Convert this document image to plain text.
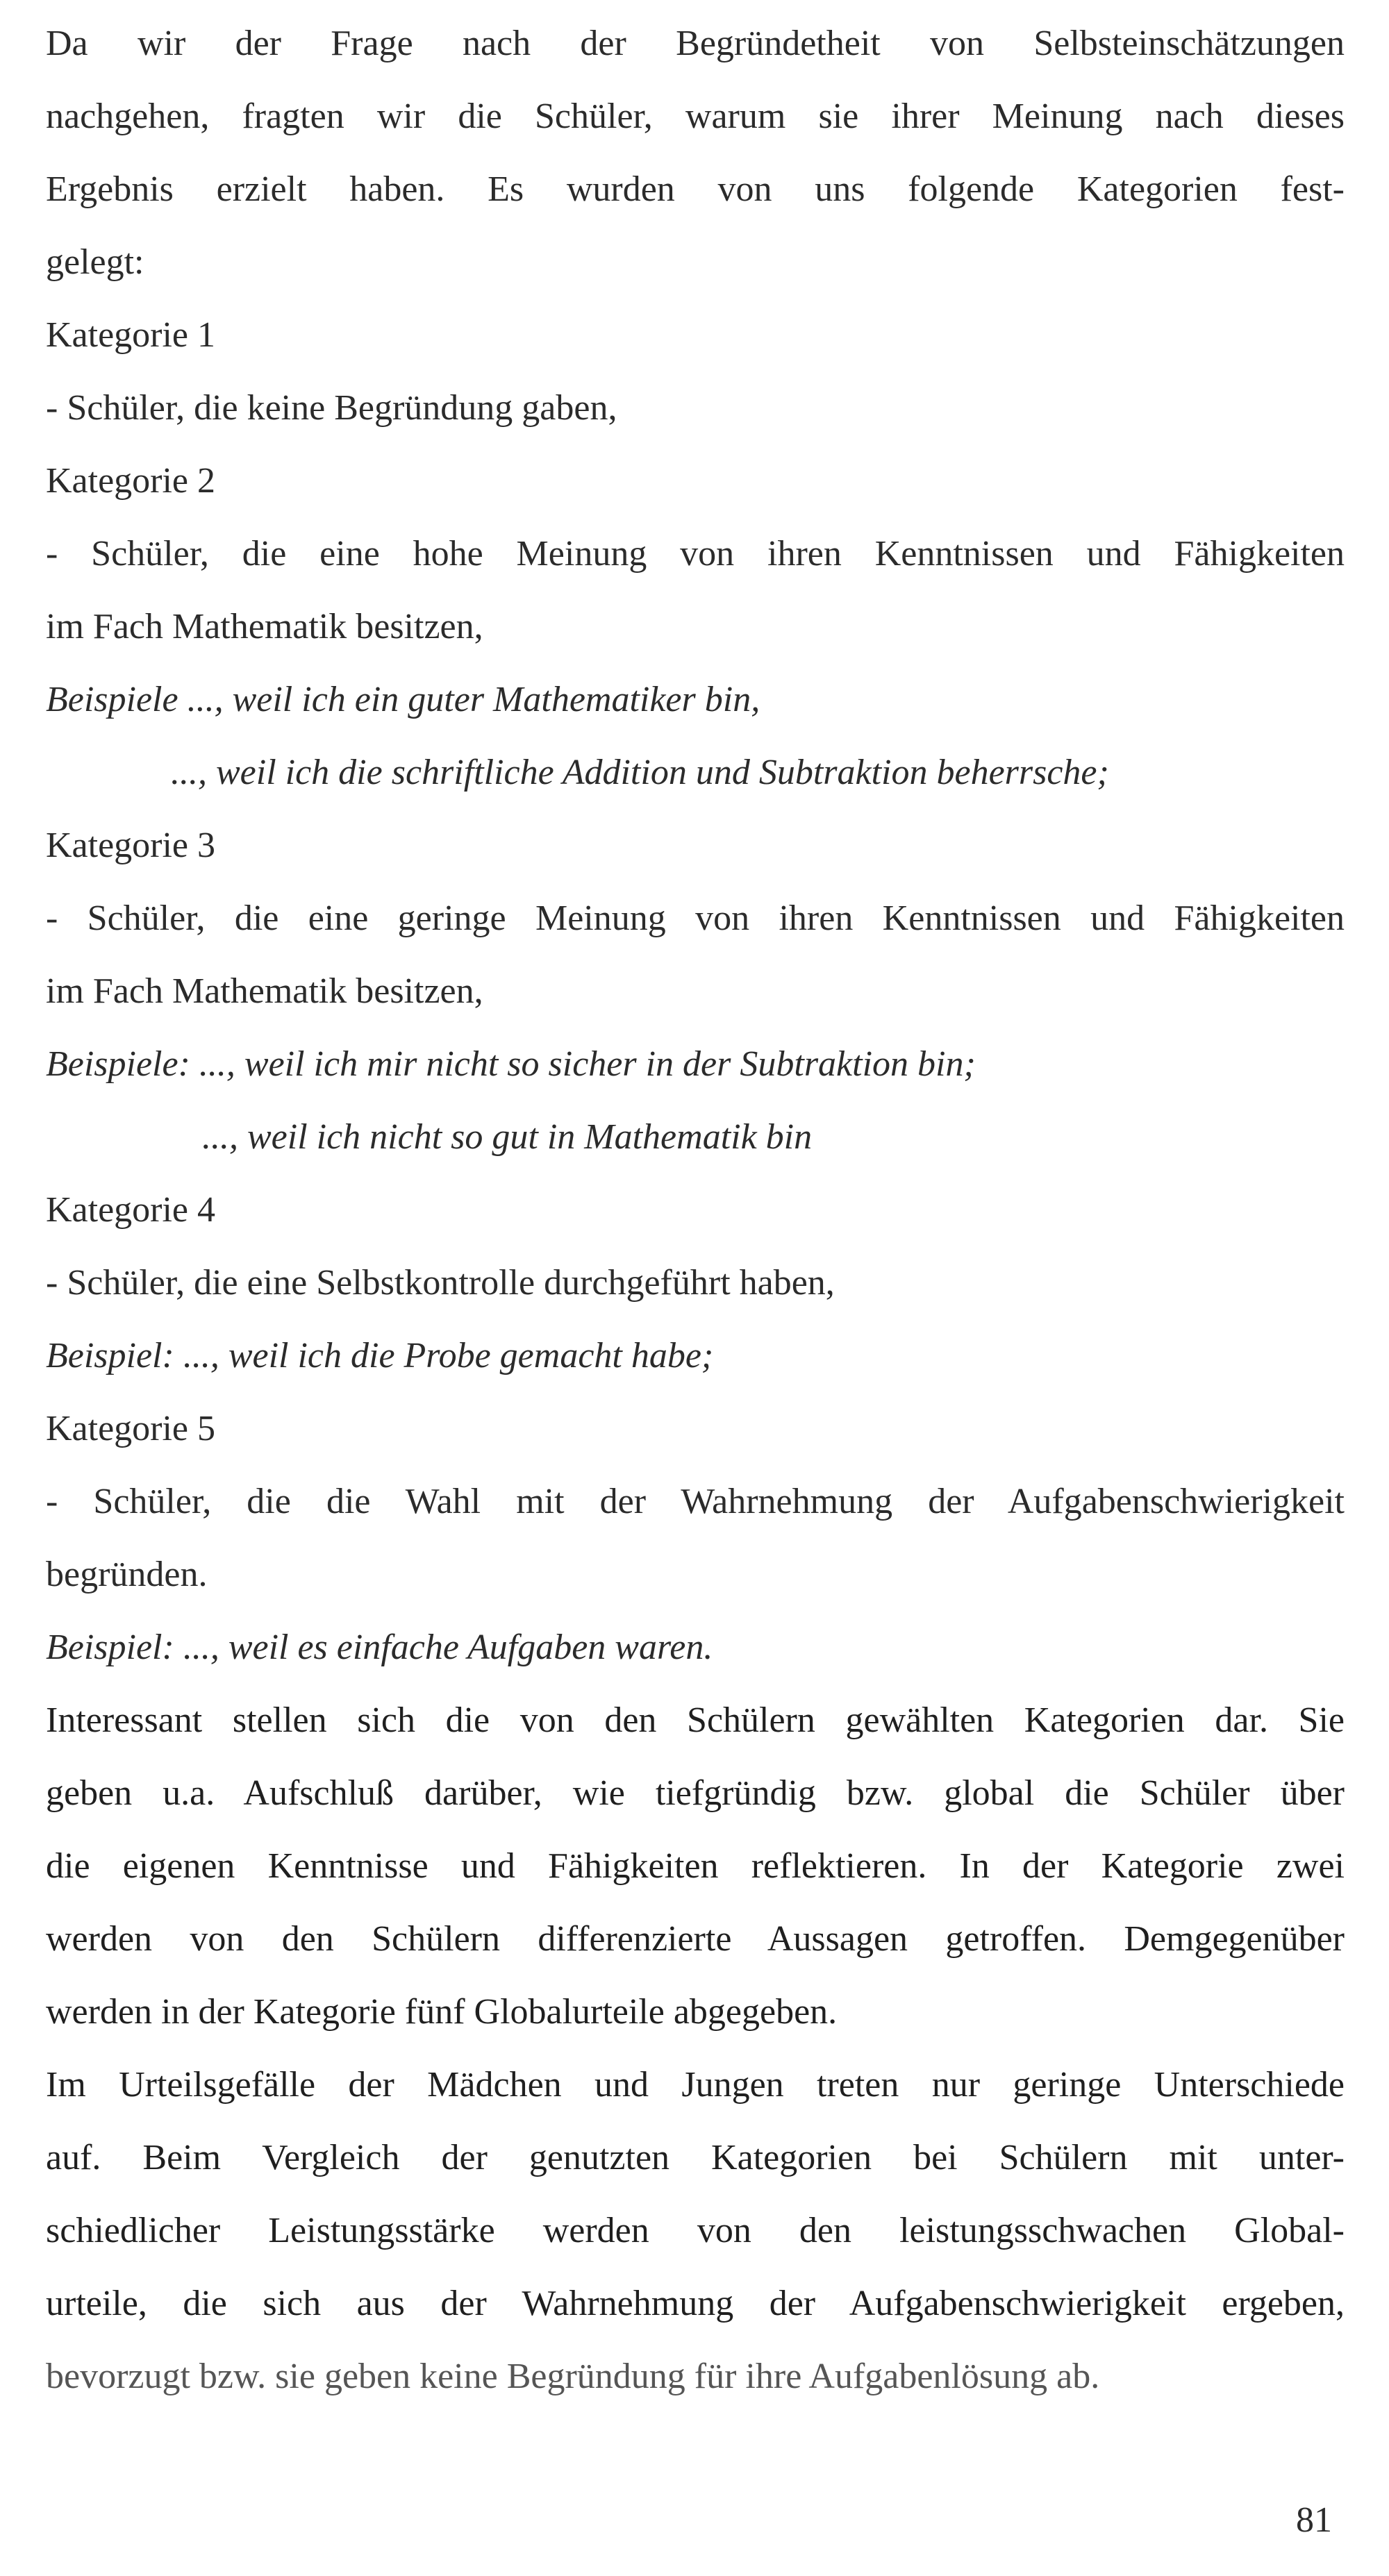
Da wir der Frage nach der Begründetheit von Selbsteinschätzungen
nachgehen, fragten wir die Schüler, warum sie ihrer Meinung nach dieses
Ergebnis erzielt haben. Es wurden von uns folgende Kategorien fest-
gelegt:

Kategorie 1

- Schüler, die keine Begründung gaben,

Kategorie 2

- Schüler, die eine hohe Meinung von ihren Kenntnissen und Fähigkeiten
im Fach Mathematik besitzen,

Beispiele ..., weil ich ein guter Mathematiker bin,

..., weil ich die schriftliche Addition und Subtraktion beherrsche;

Kategorie 3

- Schüler, die eine geringe Meinung von ihren Kenntnissen und Fähigkeiten
im Fach Mathematik besitzen,

Beispiele: ..., weil ich mir nicht so sicher in der Subtraktion bin;

..., weil ich nicht so gut in Mathematik bin

Kategorie 4

- Schüler, die eine Selbstkontrolle durchgeführt haben,

Beispiel: ..., weil ich die Probe gemacht habe;

Kategorie 5

- Schüler, die die Wahl mit der Wahrnehmung der Aufgabenschwierigkeit
begründen.

Beispiel: ..., weil es einfache Aufgaben waren.

Interessant stellen sich die von den Schülern gewählten Kategorien dar. Sie
geben u.a. Aufschluß darüber, wie tiefgründig bzw. global die Schüler über
die eigenen Kenntnisse und Fähigkeiten reflektieren. In der Kategorie zwei
werden von den Schülern differenzierte Aussagen getroffen. Demgegenüber
werden in der Kategorie fünf Globalurteile abgegeben.
Im Urteilsgefälle der Mädchen und Jungen treten nur geringe Unterschiede
auf. Beim Vergleich der genutzten Kategorien bei Schülern mit unter-
schiedlicher Leistungsstärke werden von den leistungsschwachen Global-
urteile, die sich aus der Wahrnehmung der Aufgabenschwierigkeit ergeben,
bevorzugt bzw. sie geben keine Begründung für ihre Aufgabenlösung ab.
81
